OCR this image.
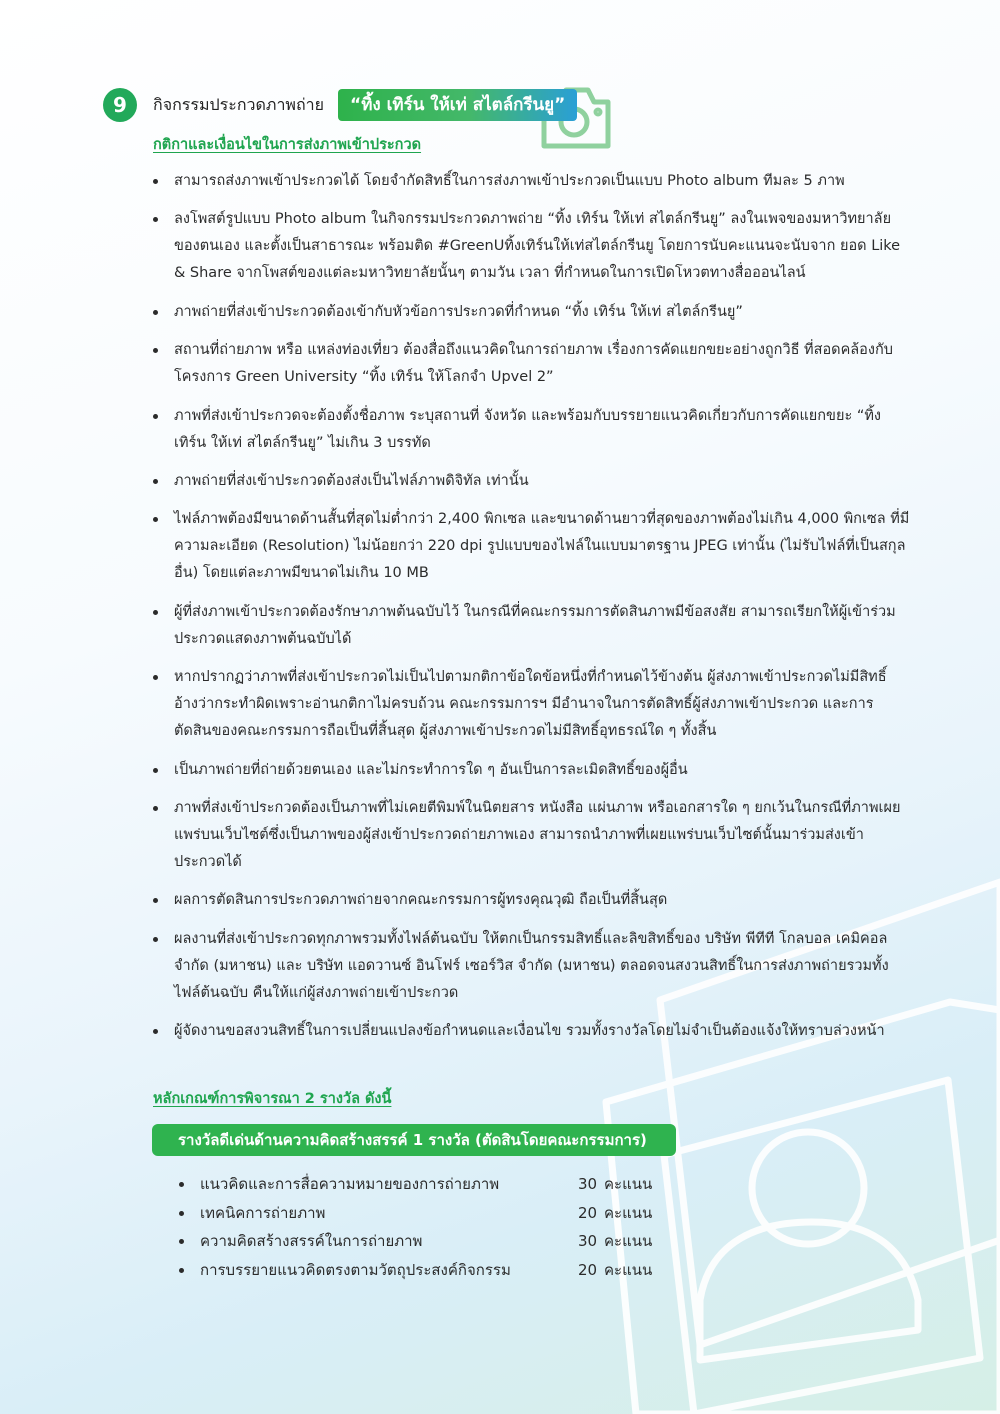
9	กิจกรรมประกวดภาพถ่าย	“ทิ้ง เทิร์น ให้เท่ สไตล์กรีนยู”
กติกาและเงื่อนไขในการส่งภาพเข้าประกวด
สามารถส่งภาพเข้าประกวดได้ โดยจำกัดสิทธิ์ในการส่งภาพเข้าประกวดเป็นแบบ Photo album ทีมละ 5 ภาพ
ลงโพสต์รูปแบบ Photo album ในกิจกรรมประกวดภาพถ่าย “ทิ้ง เทิร์น ให้เท่ สไตล์กรีนยู” ลงในเพจของมหาวิทยาลัยของตนเอง และตั้งเป็นสาธารณะ พร้อมติด #GreenUทิ้งเทิร์นให้เท่สไตล์กรีนยู โดยการนับคะแนนจะนับจาก ยอด Like & Share จากโพสต์ของแต่ละมหาวิทยาลัยนั้นๆ ตามวัน เวลา ที่กำหนดในการเปิดโหวตทางสื่อออนไลน์
ภาพถ่ายที่ส่งเข้าประกวดต้องเข้ากับหัวข้อการประกวดที่กำหนด “ทิ้ง เทิร์น ให้เท่ สไตล์กรีนยู”
สถานที่ถ่ายภาพ หรือ แหล่งท่องเที่ยว ต้องสื่อถึงแนวคิดในการถ่ายภาพ เรื่องการคัดแยกขยะอย่างถูกวิธี ที่สอดคล้องกับโครงการ Green University “ทิ้ง เทิร์น ให้โลกจำ Upvel 2”
ภาพที่ส่งเข้าประกวดจะต้องตั้งชื่อภาพ ระบุสถานที่ จังหวัด และพร้อมกับบรรยายแนวคิดเกี่ยวกับการคัดแยกขยะ “ทิ้ง เทิร์น ให้เท่ สไตล์กรีนยู” ไม่เกิน 3 บรรทัด
ภาพถ่ายที่ส่งเข้าประกวดต้องส่งเป็นไฟล์ภาพดิจิทัล เท่านั้น
ไฟล์ภาพต้องมีขนาดด้านสั้นที่สุดไม่ต่ำกว่า 2,400 พิกเซล และขนาดด้านยาวที่สุดของภาพต้องไม่เกิน 4,000 พิกเซล ที่มีความละเอียด (Resolution) ไม่น้อยกว่า 220 dpi รูปแบบของไฟล์ในแบบมาตรฐาน JPEG เท่านั้น (ไม่รับไฟล์ที่เป็นสกุลอื่น) โดยแต่ละภาพมีขนาดไม่เกิน 10 MB
ผู้ที่ส่งภาพเข้าประกวดต้องรักษาภาพต้นฉบับไว้ ในกรณีที่คณะกรรมการตัดสินภาพมีข้อสงสัย สามารถเรียกให้ผู้เข้าร่วมประกวดแสดงภาพต้นฉบับได้
หากปรากฏว่าภาพที่ส่งเข้าประกวดไม่เป็นไปตามกติกาข้อใดข้อหนึ่งที่กำหนดไว้ข้างต้น ผู้ส่งภาพเข้าประกวดไม่มีสิทธิ์อ้างว่ากระทำผิดเพราะอ่านกติกาไม่ครบถ้วน คณะกรรมการฯ มีอำนาจในการตัดสิทธิ์ผู้ส่งภาพเข้าประกวด และการตัดสินของคณะกรรมการถือเป็นที่สิ้นสุด ผู้ส่งภาพเข้าประกวดไม่มีสิทธิ์อุทธรณ์ใด ๆ ทั้งสิ้น
เป็นภาพถ่ายที่ถ่ายด้วยตนเอง และไม่กระทำการใด ๆ อันเป็นการละเมิดสิทธิ์ของผู้อื่น
ภาพที่ส่งเข้าประกวดต้องเป็นภาพที่ไม่เคยตีพิมพ์ในนิตยสาร หนังสือ แผ่นภาพ หรือเอกสารใด ๆ ยกเว้นในกรณีที่ภาพเผยแพร่บนเว็บไซต์ซึ่งเป็นภาพของผู้ส่งเข้าประกวดถ่ายภาพเอง สามารถนำภาพที่เผยแพร่บนเว็บไซต์นั้นมาร่วมส่งเข้าประกวดได้
ผลการตัดสินการประกวดภาพถ่ายจากคณะกรรมการผู้ทรงคุณวุฒิ ถือเป็นที่สิ้นสุด
ผลงานที่ส่งเข้าประกวดทุกภาพรวมทั้งไฟล์ต้นฉบับ ให้ตกเป็นกรรมสิทธิ์และลิขสิทธิ์ของ บริษัท พีทีที โกลบอล เคมิคอล จำกัด (มหาชน) และ บริษัท แอดวานซ์ อินโฟร์ เซอร์วิส จำกัด (มหาชน) ตลอดจนสงวนสิทธิ์ในการส่งภาพถ่ายรวมทั้งไฟล์ต้นฉบับ คืนให้แก่ผู้ส่งภาพถ่ายเข้าประกวด
ผู้จัดงานขอสงวนสิทธิ์ในการเปลี่ยนแปลงข้อกำหนดและเงื่อนไข รวมทั้งรางวัลโดยไม่จำเป็นต้องแจ้งให้ทราบล่วงหน้า
หลักเกณฑ์การพิจารณา 2 รางวัล ดังนี้
รางวัลดีเด่นด้านความคิดสร้างสรรค์ 1 รางวัล (ตัดสินโดยคณะกรรมการ)
แนวคิดและการสื่อความหมายของการถ่ายภาพ	30 คะแนน
เทคนิคการถ่ายภาพ	20 คะแนน
ความคิดสร้างสรรค์ในการถ่ายภาพ	30 คะแนน
การบรรยายแนวคิดตรงตามวัตถุประสงค์กิจกรรม	20 คะแนน
